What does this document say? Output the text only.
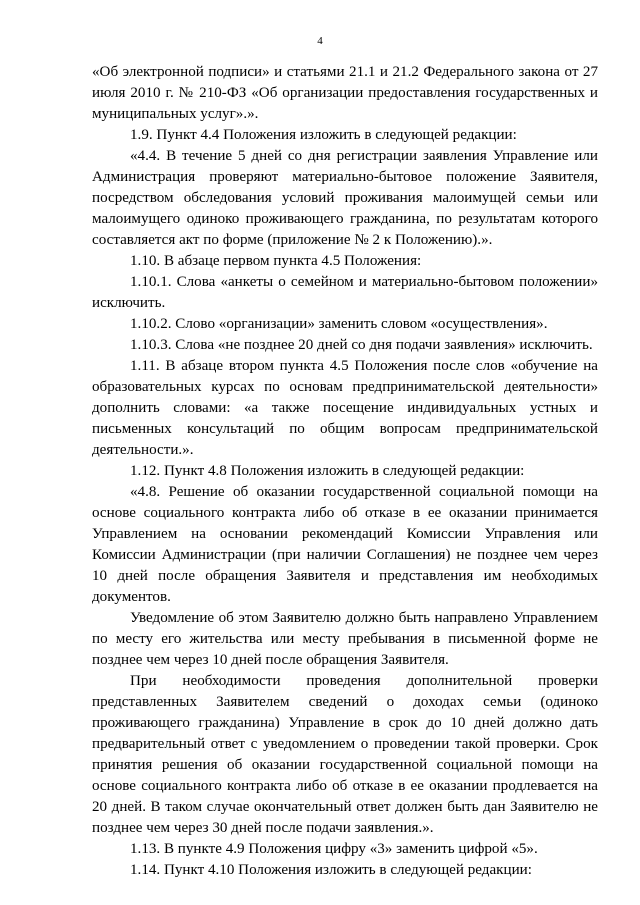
4

«Об электронной подписи» и статьями 21.1 и 21.2 Федерального закона от 27 июля 2010 г. № 210-ФЗ «Об организации предоставления государственных и муниципальных услуг».».

1.9. Пункт 4.4 Положения изложить в следующей редакции:

«4.4. В течение 5 дней со дня регистрации заявления Управление или Администрация проверяют материально-бытовое положение Заявителя, посредством обследования условий проживания малоимущей семьи или малоимущего одиноко проживающего гражданина, по результатам которого составляется акт по форме (приложение № 2 к Положению).».

1.10. В абзаце первом пункта 4.5 Положения:

1.10.1. Слова «анкеты о семейном и материально-бытовом положении» исключить.

1.10.2. Слово «организации» заменить словом «осуществления».

1.10.3. Слова «не позднее 20 дней со дня подачи заявления» исключить.

1.11. В абзаце втором пункта 4.5 Положения после слов «обучение на образовательных курсах по основам предпринимательской деятельности» дополнить словами: «а также посещение индивидуальных устных и письменных консультаций по общим вопросам предпринимательской деятельности.».

1.12. Пункт 4.8 Положения изложить в следующей редакции:

«4.8. Решение об оказании государственной социальной помощи на основе социального контракта либо об отказе в ее оказании принимается Управлением на основании рекомендаций Комиссии Управления или Комиссии Администрации (при наличии Соглашения) не позднее чем через 10 дней после обращения Заявителя и представления им необходимых документов.

Уведомление об этом Заявителю должно быть направлено Управлением по месту его жительства или месту пребывания в письменной форме не позднее чем через 10 дней после обращения Заявителя.

При необходимости проведения дополнительной проверки представленных Заявителем сведений о доходах семьи (одиноко проживающего гражданина) Управление в срок до 10 дней должно дать предварительный ответ с уведомлением о проведении такой проверки. Срок принятия решения об оказании государственной социальной помощи на основе социального контракта либо об отказе в ее оказании продлевается на 20 дней. В таком случае окончательный ответ должен быть дан Заявителю не позднее чем через 30 дней после подачи заявления.».

1.13. В пункте 4.9 Положения цифру «3» заменить цифрой «5».

1.14. Пункт 4.10 Положения изложить в следующей редакции:
